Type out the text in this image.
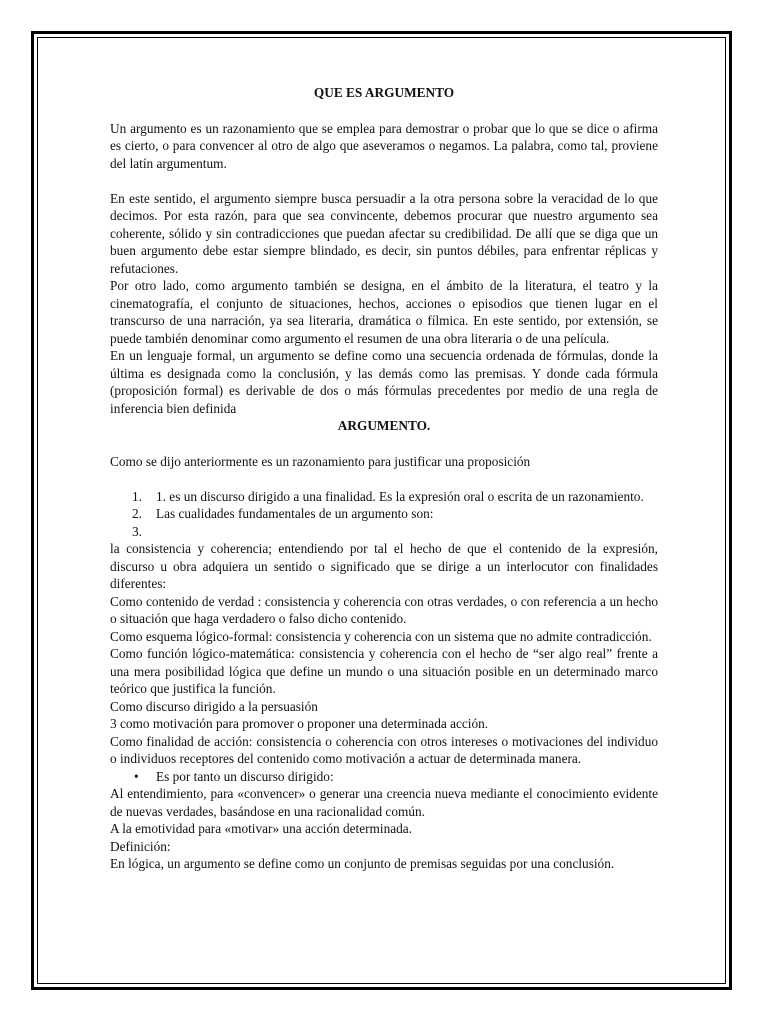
QUE ES ARGUMENTO

Un argumento es un razonamiento que se emplea para demostrar o probar que lo que se dice o afirma es cierto, o para convencer al otro de algo que aseveramos o negamos. La palabra, como tal, proviene del latín argumentum.

En este sentido, el argumento siempre busca persuadir a la otra persona sobre la veracidad de lo que decimos. Por esta razón, para que sea convincente, debemos procurar que nuestro argumento sea coherente, sólido y sin contradicciones que puedan afectar su credibilidad. De allí que se diga que un buen argumento debe estar siempre blindado, es decir, sin puntos débiles, para enfrentar réplicas y refutaciones.

Por otro lado, como argumento también se designa, en el ámbito de la literatura, el teatro y la cinematografía, el conjunto de situaciones, hechos, acciones o episodios que tienen lugar en el transcurso de una narración, ya sea literaria, dramática o fílmica. En este sentido, por extensión, se puede también denominar como argumento el resumen de una obra literaria o de una película.

En un lenguaje formal, un argumento se define como una secuencia ordenada de fórmulas, donde la última es designada como la conclusión, y las demás como las premisas. Y donde cada fórmula (proposición formal) es derivable de dos o más fórmulas precedentes por medio de una regla de inferencia bien definida

ARGUMENTO.

Como se dijo anteriormente es un razonamiento para justificar una proposición

1. 1. es un discurso dirigido a una finalidad. Es la expresión oral o escrita de un razonamiento.
2. Las cualidades fundamentales de un argumento son:
3.

la consistencia y coherencia; entendiendo por tal el hecho de que el contenido de la expresión, discurso u obra adquiera un sentido o significado que se dirige a un interlocutor con finalidades diferentes:

Como contenido de verdad : consistencia y coherencia con otras verdades, o con referencia a un hecho o situación que haga verdadero o falso dicho contenido.

Como esquema lógico-formal: consistencia y coherencia con un sistema que no admite contradicción.

Como función lógico-matemática: consistencia y coherencia con el hecho de “ser algo real” frente a una mera posibilidad lógica que define un mundo o una situación posible en un determinado marco teórico que justifica la función.

Como discurso dirigido a la persuasión

3 como motivación para promover o proponer una determinada acción.

Como finalidad de acción: consistencia o coherencia con otros intereses o motivaciones del individuo o individuos receptores del contenido como motivación a actuar de determinada manera.

• Es por tanto un discurso dirigido:

Al entendimiento, para «convencer» o generar una creencia nueva mediante el conocimiento evidente de nuevas verdades, basándose en una racionalidad común.

A la emotividad para «motivar» una acción determinada.

Definición:

En lógica, un argumento se define como un conjunto de premisas seguidas por una conclusión.
